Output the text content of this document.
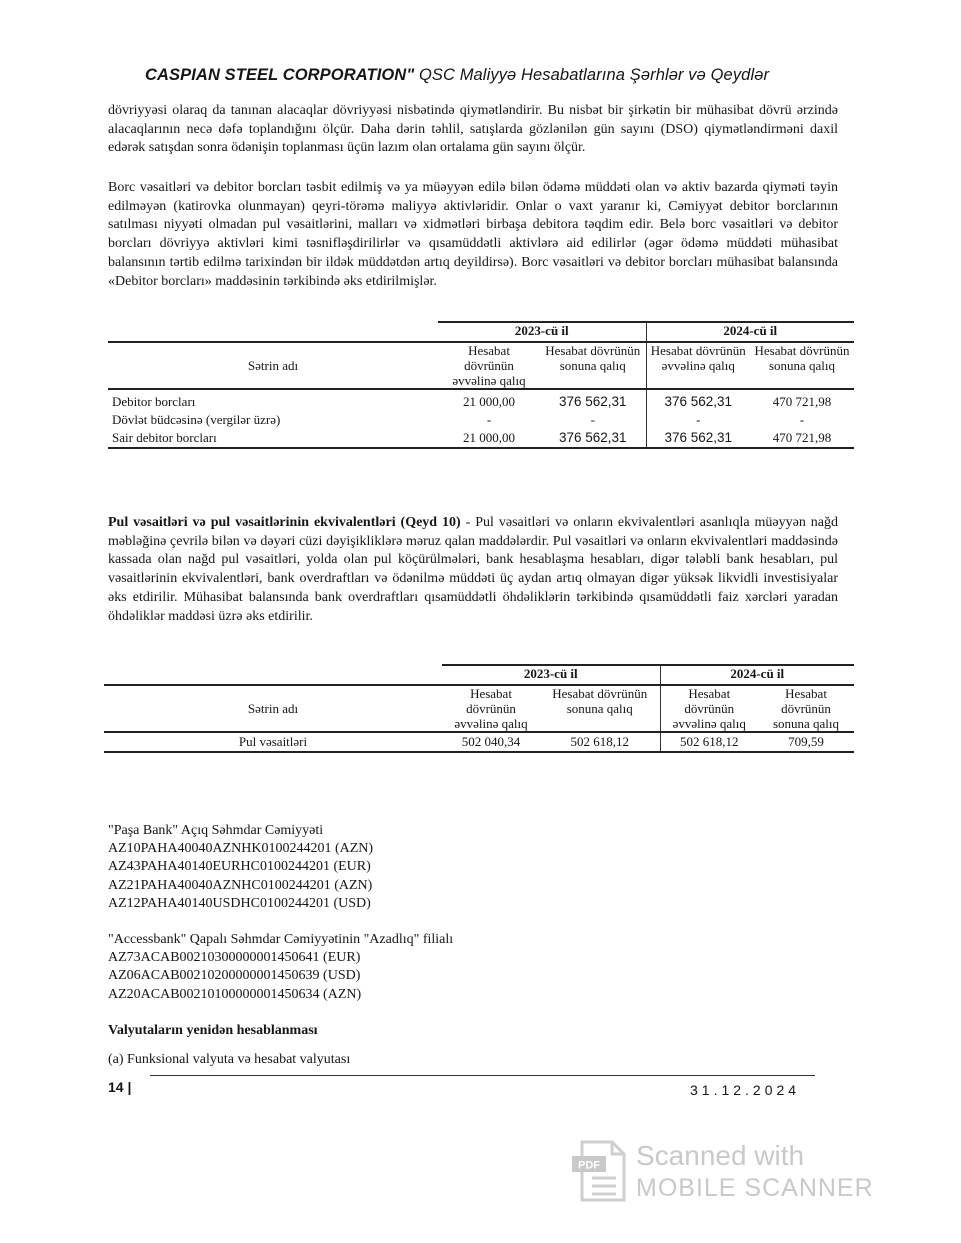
CASPIAN STEEL CORPORATION" QSC Maliyyə Hesabatlarına Şərhlər və Qeydlər

dövriyyəsi olaraq da tanınan alacaqlar dövriyyəsi nisbətində qiymətləndirir. Bu nisbət bir şirkətin bir mühasibat dövrü ərzində alacaqlarının necə dəfə toplandığını ölçür. Daha dərin təhlil, satışlarda gözlənilən gün sayını (DSO) qiymətləndirməni daxil edərək satışdan sonra ödənişin toplanması üçün lazım olan ortalama gün sayını ölçür.

Borc vəsaitləri və debitor borcları təsbit edilmiş və ya müəyyən edilə bilən ödəmə müddəti olan və aktiv bazarda qiyməti təyin edilməyən (katirovka olunmayan) qeyri-törəmə maliyyə aktivləridir. Onlar o vaxt yaranır ki, Cəmiyyət debitor borclarının satılması niyyəti olmadan pul vəsaitlərini, malları və xidmətləri birbaşa debitora təqdim edir. Belə borc vəsaitləri və debitor borcları dövriyyə aktivləri kimi təsnifləşdirilirlər və qısamüddətli aktivlərə aid edilirlər (əgər ödəmə müddəti mühasibat balansının tərtib edilmə tarixindən bir ildək müddətdən artıq deyildirsə). Borc vəsaitləri və debitor borcları mühasibat balansında «Debitor borcları» maddəsinin tərkibində əks etdirilmişlər.

	2023-cü il		2024-cü il	
Sətrin adı	Hesabat dövrünün əvvəlinə qalıq	Hesabat dövrünün sonuna qalıq	Hesabat dövrünün əvvəlinə qalıq	Hesabat dövrünün sonuna qalıq
Debitor borcları	21 000,00	376 562,31	376 562,31	470 721,98
Dövlət büdcəsinə (vergilər üzrə)	-	-	-	-
Sair debitor borcları	21 000,00	376 562,31	376 562,31	470 721,98

Pul vəsaitləri və pul vəsaitlərinin ekvivalentləri (Qeyd 10) - Pul vəsaitləri və onların ekvivalentləri asanlıqla müəyyən nağd məbləğinə çevrilə bilən və dəyəri cüzi dəyişikliklərə məruz qalan maddələrdir. Pul vəsaitləri və onların ekvivalentləri maddəsində kassada olan nağd pul vəsaitləri, yolda olan pul köçürülmələri, bank hesablaşma hesabları, digər tələbli bank hesabları, pul vəsaitlərinin ekvivalentləri, bank overdraftları və ödənilmə müddəti üç aydan artıq olmayan digər yüksək likvidli investisiyalar əks etdirilir. Mühasibat balansında bank overdraftları qısamüddətli öhdəliklərin tərkibində qısamüddətli faiz xərcləri yaradan öhdəliklər maddəsi üzrə əks etdirilir.

	2023-cü il		2024-cü il	
Sətrin adı	Hesabat dövrünün əvvəlinə qalıq	Hesabat dövrünün sonuna qalıq	Hesabat dövrünün əvvəlinə qalıq	Hesabat dövrünün sonuna qalıq
Pul vəsaitləri	502 040,34	502 618,12	502 618,12	709,59
"Paşa Bank" Açıq Səhmdar Cəmiyyəti
AZ10PAHA40040AZNHK0100244201 (AZN)
AZ43PAHA40140EURHC0100244201 (EUR)
AZ21PAHA40040AZNHC0100244201 (AZN)
AZ12PAHA40140USDHC0100244201 (USD)
"Accessbank" Qapalı Səhmdar Cəmiyyətinin "Azadlıq" filialı
AZ73ACAB00210300000001450641 (EUR)
AZ06ACAB00210200000001450639 (USD)
AZ20ACAB00210100000001450634 (AZN)
Valyutaların yenidən hesablanması
(a) Funksional valyuta və hesabat valyutası
14 |	31.12.2024
PDF Scanned with
MOBILE SCANNER
